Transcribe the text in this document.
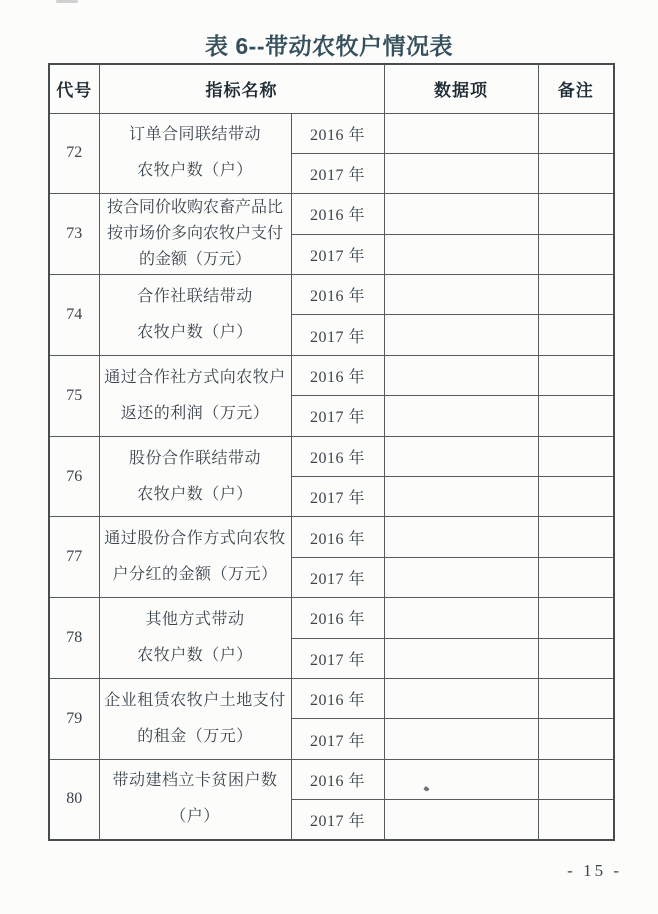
表 6--带动农牧户情况表
代号	指标名称		数据项	备注
72	订单合同联结带动
农牧户数（户）	2016 年		
		2017 年		
73	按合同价收购农畜产品比
按市场价多向农牧户支付
的金额（万元）	2016 年		
		2017 年		
74	合作社联结带动
农牧户数（户）	2016 年		
		2017 年		
75	通过合作社方式向农牧户
返还的利润（万元）	2016 年		
		2017 年		
76	股份合作联结带动
农牧户数（户）	2016 年		
		2017 年		
77	通过股份合作方式向农牧
户分红的金额（万元）	2016 年		
		2017 年		
78	其他方式带动
农牧户数（户）	2016 年		
		2017 年		
79	企业租赁农牧户土地支付
的租金（万元）	2016 年		
		2017 年		
80	带动建档立卡贫困户数
（户）	2016 年		
		2017 年		
- 15 -
